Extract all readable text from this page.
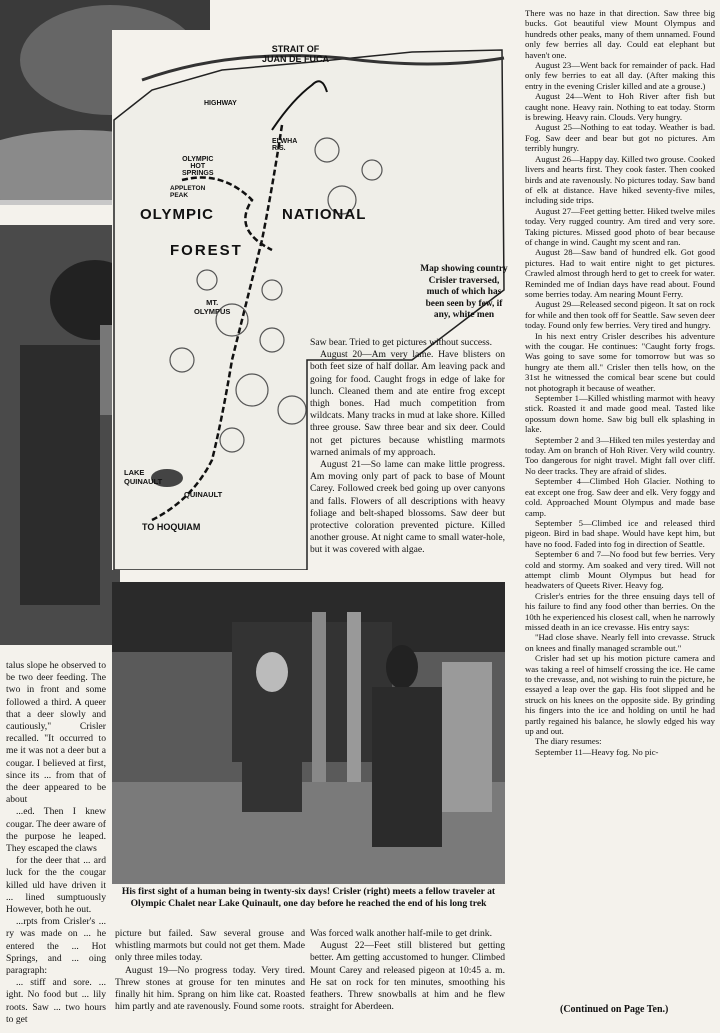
STRAIT OF
JUAN DE FUCA
HIGHWAY
ELWHA
R.S.
OLYMPIC
HOT
SPRINGS
APPLETON
PEAK
OLYMPIC	NATIONAL
FOREST
MT.
OLYMPUS
LAKE
QUINAULT
QUINAULT
TO HOQUIAM
Map showing country Crisler traversed, much of which has been seen by few, if any, white men

Saw bear. Tried to get pictures without success.

August 20—Am very lame. Have blisters on both feet size of half dollar. Am leaving pack and going for food. Caught frogs in edge of lake for lunch. Cleaned them and ate entire frog except thigh bones. Had much competition from wildcats. Many tracks in mud at lake shore. Killed three grouse. Saw three bear and six deer. Could not get pictures because whistling marmots warned animals of my approach.

August 21—So lame can make little progress. Am moving only part of pack to base of Mount Carey. Followed creek bed going up over canyons and falls. Flowers of all descriptions with heavy foliage and belt-shaped blossoms. Saw deer but protective coloration prevented picture. Killed another grouse. At night came to small water-hole, but it was covered with algae.

His first sight of a human being in twenty-six days! Crisler (right) meets a fellow traveler at Olympic Chalet near Lake Quinault, one day before he reached the end of his long trek

talus slope he observed to be two deer feeding. The two in front and some followed a third. A queer that a deer slowly and cautiously," Crisler recalled. "It occurred to me it was not a deer but a cougar. I believed at first, since its ... from that of the deer appeared to be about

...ed. Then I knew cougar. The deer aware of the purpose he leaped. They escaped the claws

for the deer that ... ard luck for the the cougar killed uld have driven it ... lined sumptuously However, both he out.

...rpts from Crisler's ... ry was made on ... he entered the ... Hot Springs, and ... oing paragraph:

... stiff and sore. ... ight. No food but ... lily roots. Saw ... two hours to get

picture but failed. Saw several grouse and whistling marmots but could not get them. Made only three miles today.

August 19—No progress today. Very tired. Threw stones at grouse for ten minutes and finally hit him. Sprang on him like cat. Roasted him partly and ate ravenously. Found some roots.

Was forced walk another half-mile to get drink.

August 22—Feet still blistered but getting better. Am getting accustomed to hunger. Climbed Mount Carey and released pigeon at 10:45 a. m. He sat on rock for ten minutes, smoothing his feathers. Threw snowballs at him and he flew straight for Aberdeen.

There was no haze in that direction. Saw three big bucks. Got beautiful view Mount Olympus and hundreds other peaks, many of them unnamed. Found only few berries all day. Could eat elephant but haven't one.

August 23—Went back for remainder of pack. Had only few berries to eat all day. (After making this entry in the evening Crisler killed and ate a grouse.)

August 24—Went to Hoh River after fish but caught none. Heavy rain. Nothing to eat today. Storm is brewing. Heavy rain. Clouds. Very hungry.

August 25—Nothing to eat today. Weather is bad. Fog. Saw deer and bear but got no pictures. Am terribly hungry.

August 26—Happy day. Killed two grouse. Cooked livers and hearts first. They cook faster. Then cooked birds and ate ravenously. No pictures today. Saw band of elk at distance. Have hiked seventy-five miles, including side trips.

August 27—Feet getting better. Hiked twelve miles today. Very rugged country. Am tired and very sore. Taking pictures. Missed good photo of bear because of change in wind. Caught my scent and ran.

August 28—Saw band of hundred elk. Got good pictures. Had to wait entire night to get pictures. Crawled almost through herd to get to creek for water. Reminded me of Indian days have read about. Found some berries today. Am nearing Mount Ferry.

August 29—Released second pigeon. It sat on rock for while and then took off for Seattle. Saw seven deer today. Found only few berries. Very tired and hungry.

In his next entry Crisler describes his adventure with the cougar. He continues: "Caught forty frogs. Was going to save some for tomorrow but was so hungry ate them all." Crisler then tells how, on the 31st he witnessed the comical bear scene but could not photograph it because of weather.

September 1—Killed whistling marmot with heavy stick. Roasted it and made good meal. Tasted like opossum down home. Saw big bull elk splashing in lake.

September 2 and 3—Hiked ten miles yesterday and today. Am on branch of Hoh River. Very wild country. Too dangerous for night travel. Might fall over cliff. No deer tracks. They are afraid of slides.

September 4—Climbed Hoh Glacier. Nothing to eat except one frog. Saw deer and elk. Very foggy and cold. Approached Mount Olympus and made base camp.

September 5—Climbed ice and released third pigeon. Bird in bad shape. Would have kept him, but have no food. Faded into fog in direction of Seattle.

September 6 and 7—No food but few berries. Very cold and stormy. Am soaked and very tired. Will not attempt climb Mount Olympus but head for headwaters of Queets River. Heavy fog.

Crisler's entries for the three ensuing days tell of his failure to find any food other than berries. On the 10th he experienced his closest call, when he narrowly missed death in an ice crevasse. His entry says:

"Had close shave. Nearly fell into crevasse. Struck on knees and finally managed scramble out."

Crisler had set up his motion picture camera and was taking a reel of himself crossing the ice. He came to the crevasse, and, not wishing to ruin the picture, he essayed a leap over the gap. His foot slipped and he struck on his knees on the opposite side. By grinding his fingers into the ice and holding on until he had partly regained his balance, he slowly edged his way up and out.

The diary resumes:

September 11—Heavy fog. No pic-

(Continued on Page Ten.)
